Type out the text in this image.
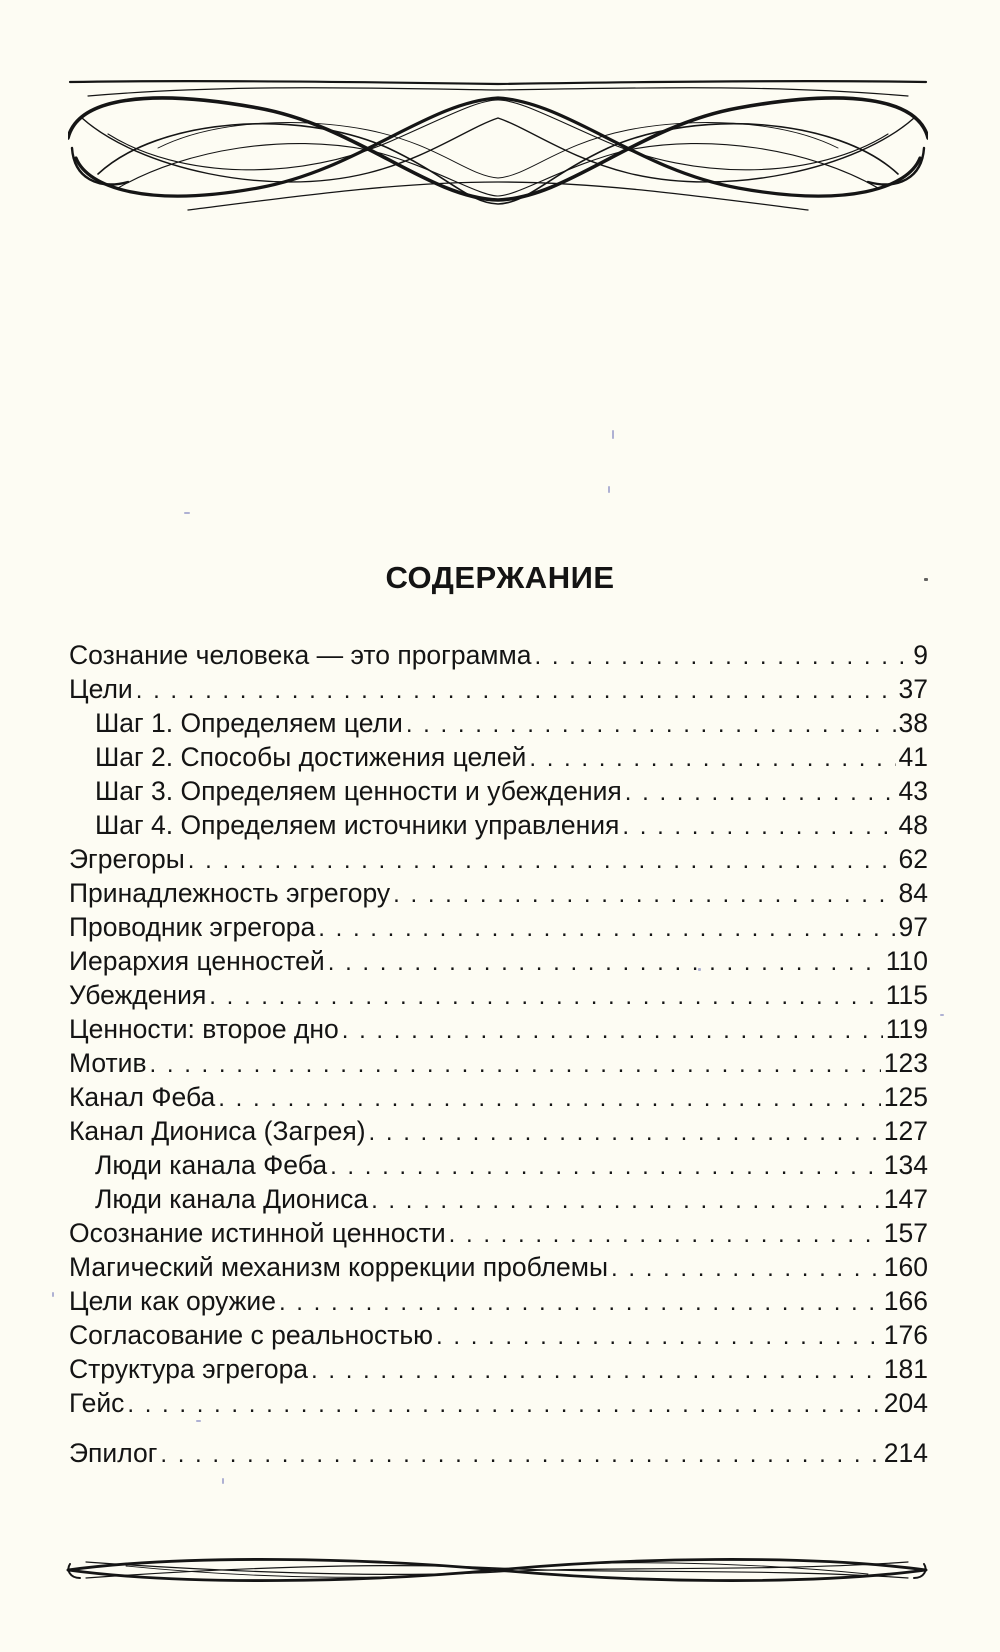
СОДЕРЖАНИЕ
Сознание человека — это программа . . .	9
Цели . . .	37
Шаг 1. Определяем цели . . .	38
Шаг 2. Способы достижения целей . . .	41
Шаг 3. Определяем ценности и убеждения . . .	43
Шаг 4. Определяем источники управления . . .	48
Эгрегоры . . .	62
Принадлежность эгрегору . . .	84
Проводник эгрегора . . .	97
Иерархия ценностей . . .	110
Убеждения . . .	115
Ценности: второе дно . . .	119
Мотив . . .	123
Канал Феба . . .	125
Канал Диониса (Загрея) . . .	127
Люди канала Феба . . .	134
Люди канала Диониса . . .	147
Осознание истинной ценности . . .	157
Магический механизм коррекции проблемы . . .	160
Цели как оружие . . .	166
Согласование с реальностью . . .	176
Структура эгрегора . . .	181
Гейс . . .	204
Эпилог . . .	214
